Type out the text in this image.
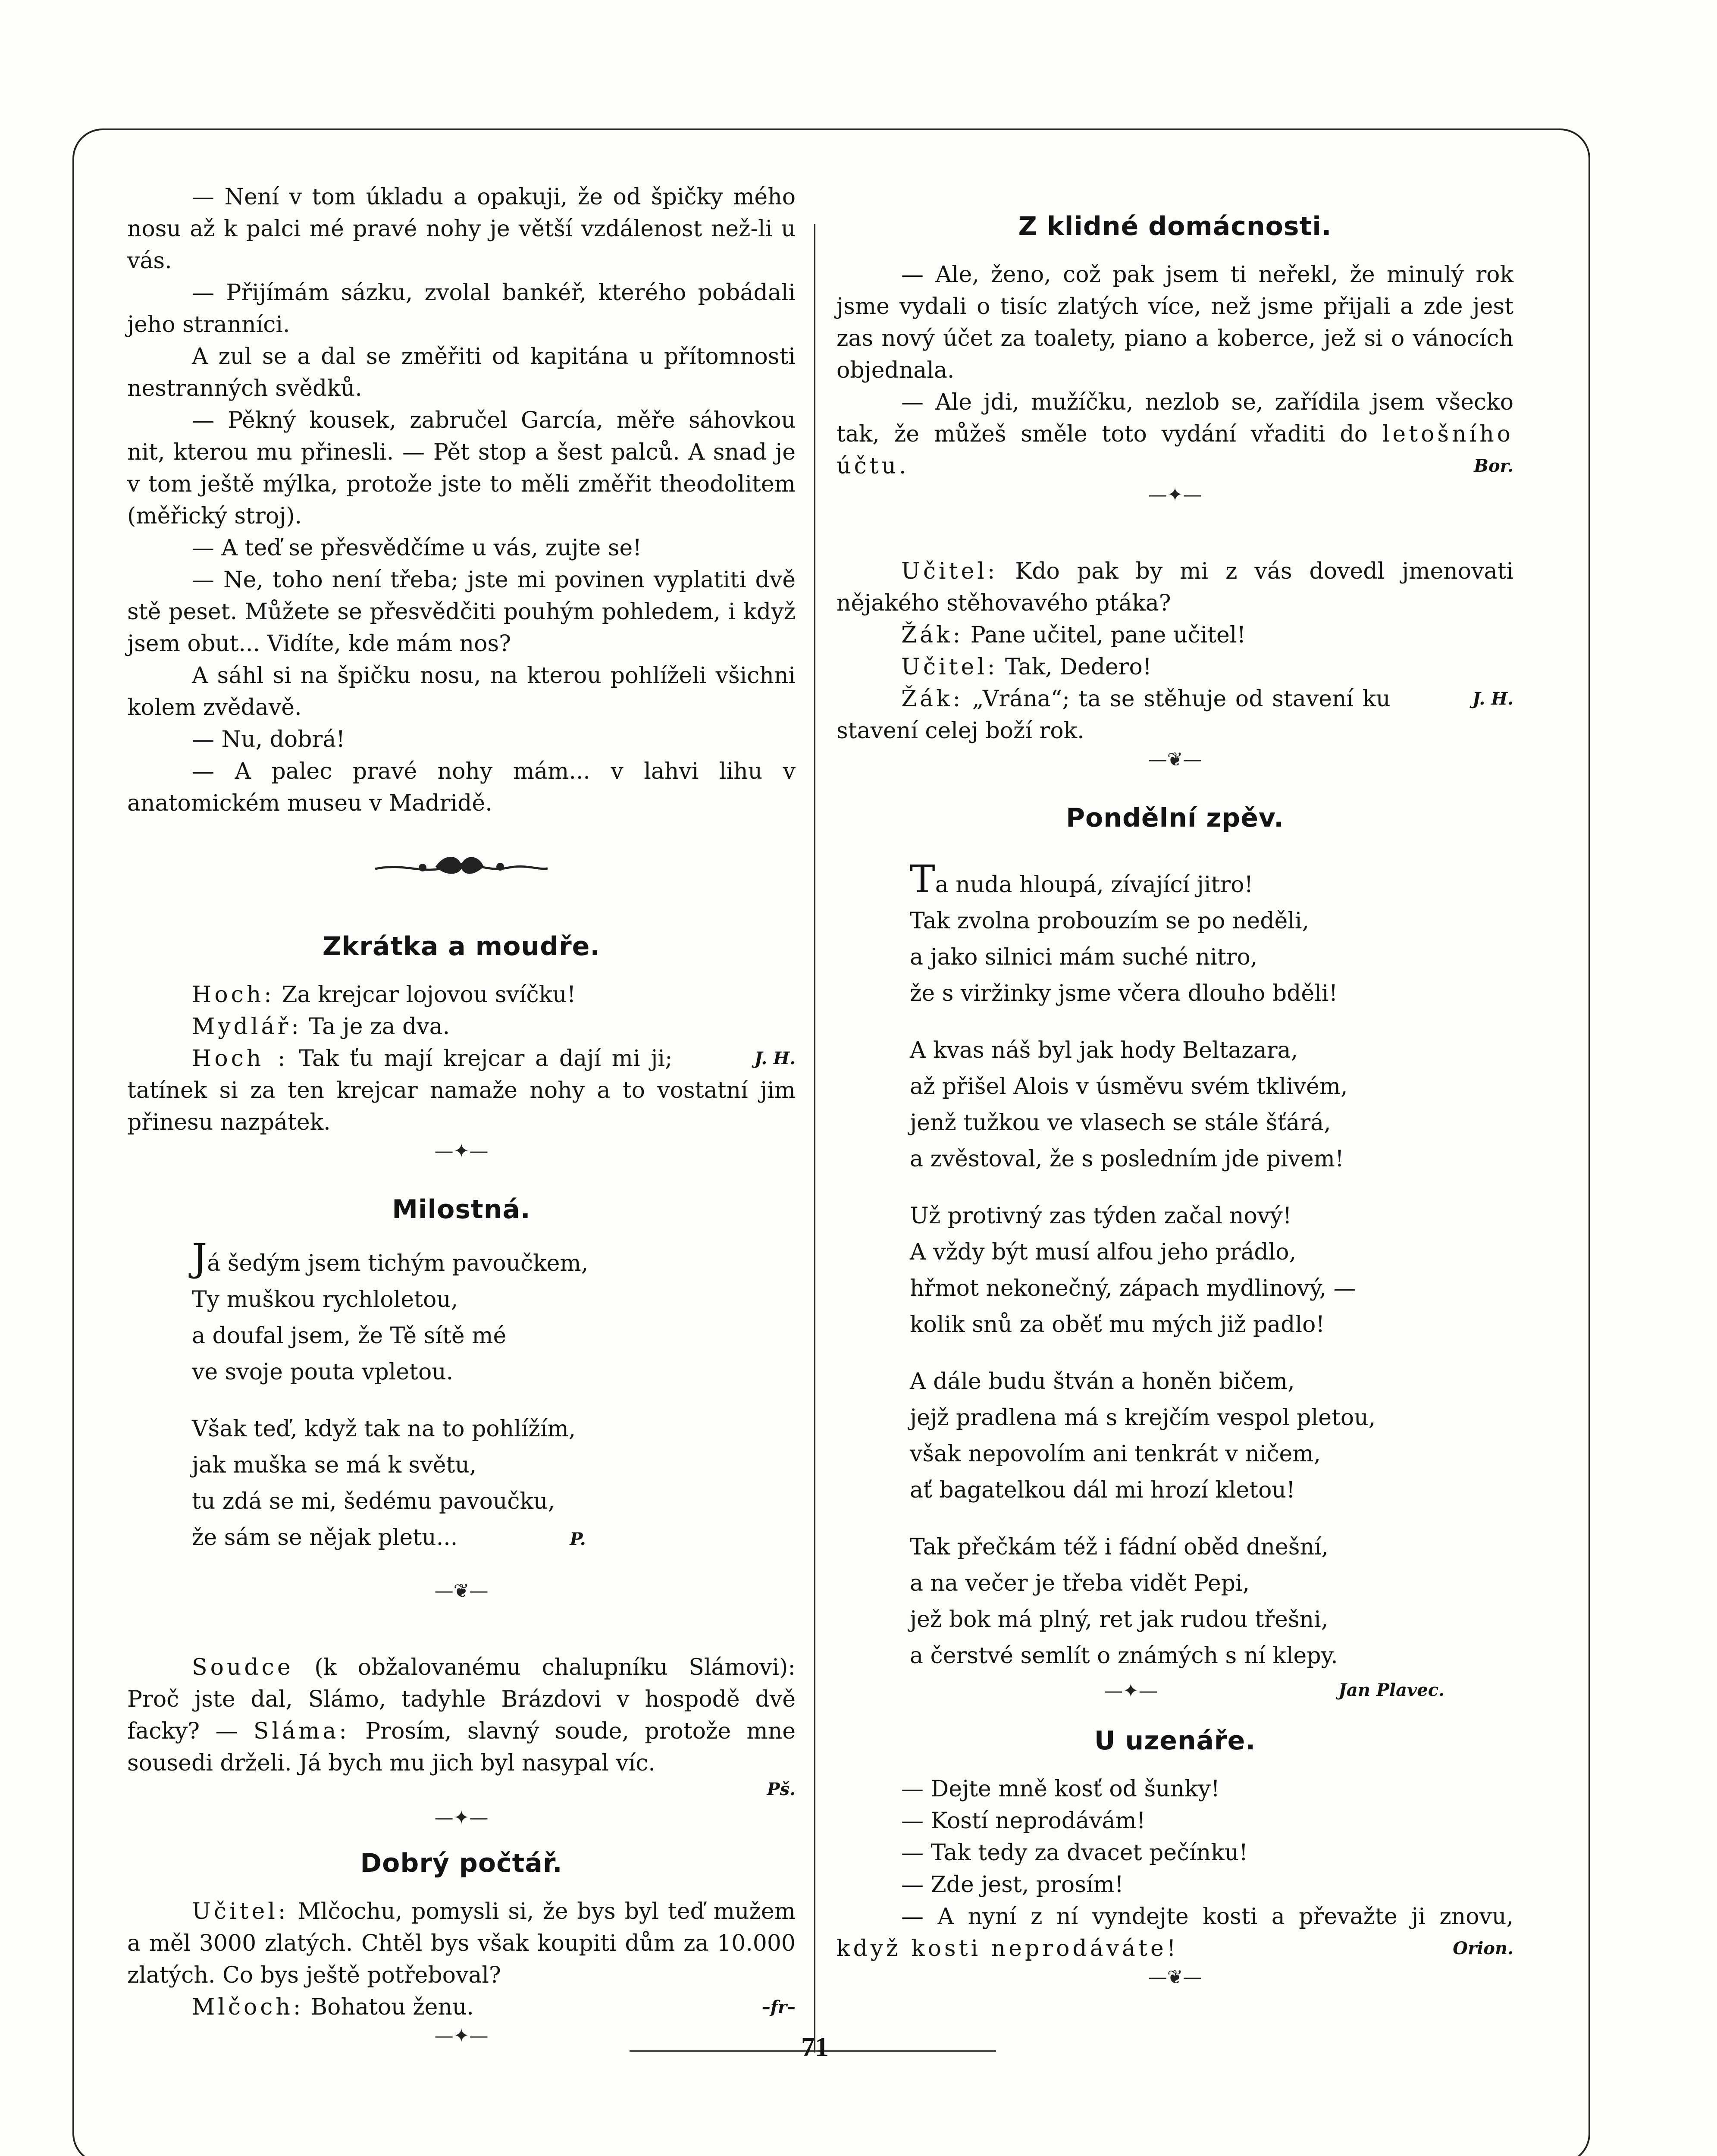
71

— Není v tom úkladu a opakuji, že od špičky mého nosu až k palci mé pravé nohy je větší vzdálenost než-li u vás.

— Přijímám sázku, zvolal bankéř, kterého pobádali jeho stranníci.

A zul se a dal se změřiti od kapitána u přítomnosti nestranných svědků.

— Pěkný kousek, zabručel García, měře sáhovkou nit, kterou mu přinesli. — Pět stop a šest palců. A snad je v tom ještě mýlka, protože jste to měli změřit theodolitem (měřický stroj).

— A teď se přesvědčíme u vás, zujte se!

— Ne, toho není třeba; jste mi povinen vyplatiti dvě stě peset. Můžete se přesvědčiti pouhým pohledem, i když jsem obut... Vidíte, kde mám nos?

A sáhl si na špičku nosu, na kterou pohlíželi všichni kolem zvědavě.

— Nu, dobrá!

— A palec pravé nohy mám... v lahvi lihu v anatomickém museu v Madridě.

Zkrátka a moudře.

Hoch: Za krejcar lojovou svíčku!

Mydlář: Ta je za dva.

J. H.
Hoch : Tak ťu mají krejcar a dají mi ji; tatínek si za ten krejcar namaže nohy a to vostatní jim přinesu nazpátek.

—✦—
Milostná.

Já šedým jsem tichým pavoučkem,

Ty muškou rychloletou,

a doufal jsem, že Tě sítě mé

ve svoje pouta vpletou.

Však teď, když tak na to pohlížím,

jak muška se má k světu,

tu zdá se mi, šedému pavoučku,

že sám se nějak pletu...	P.

—❦—

Soudce (k obžalovanému chalupníku Slámovi): Proč jste dal, Slámo, tadyhle Brázdovi v hospodě dvě facky? — Sláma: Prosím, slavný soude, protože mne sousedi drželi. Já bych mu jich byl nasypal víc.

Pš.
—✦—
Dobrý počtář.

Učitel: Mlčochu, pomysli si, že bys byl teď mužem a měl 3000 zlatých. Chtěl bys však koupiti dům za 10.000 zlatých. Co bys ještě potřeboval?

–fr–
Mlčoch: Bohatou ženu.

—✦—
Z klidné domácnosti.

— Ale, ženo, což pak jsem ti neřekl, že minulý rok jsme vydali o tisíc zlatých více, než jsme přijali a zde jest zas nový účet za toalety, piano a koberce, jež si o vánocích objednala.

— Ale jdi, mužíčku, nezlob se, zařídila jsem všecko tak, že můžeš směle toto vydání vřaditi do letošního účtu.	Bor.

—✦—

Učitel: Kdo pak by mi z vás dovedl jmenovati nějakého stěhovavého ptáka?

Žák: Pane učitel, pane učitel!

Učitel: Tak, Dedero!

J. H.
Žák: „Vrána“; ta se stěhuje od stavení ku stavení celej boží rok.

—❦—
Pondělní zpěv.

Ta nuda hloupá, zívající jitro!

Tak zvolna probouzím se po neděli,

a jako silnici mám suché nitro,

že s viržinky jsme včera dlouho bděli!

A kvas náš byl jak hody Beltazara,

až přišel Alois v úsměvu svém tklivém,

jenž tužkou ve vlasech se stále šťárá,

a zvěstoval, že s posledním jde pivem!

Už protivný zas týden začal nový!

A vždy být musí alfou jeho prádlo,

hřmot nekonečný, zápach mydlinový, —

kolik snů za oběť mu mých již padlo!

A dále budu štván a honěn bičem,

jejž pradlena má s krejčím vespol pletou,

však nepovolím ani tenkrát v ničem,

ať bagatelkou dál mi hrozí kletou!

Tak přečkám též i fádní oběd dnešní,

a na večer je třeba vidět Pepi,

jež bok má plný, ret jak rudou třešni,

a čerstvé semlít o známých s ní klepy.

—✦—	Jan Plavec.
U uzenáře.

— Dejte mně kosť od šunky!

— Kostí neprodávám!

— Tak tedy za dvacet pečínku!

— Zde jest, prosím!

— A nyní z ní vyndejte kosti a převažte ji znovu, když kosti neprodáváte!	Orion.

—❦—
